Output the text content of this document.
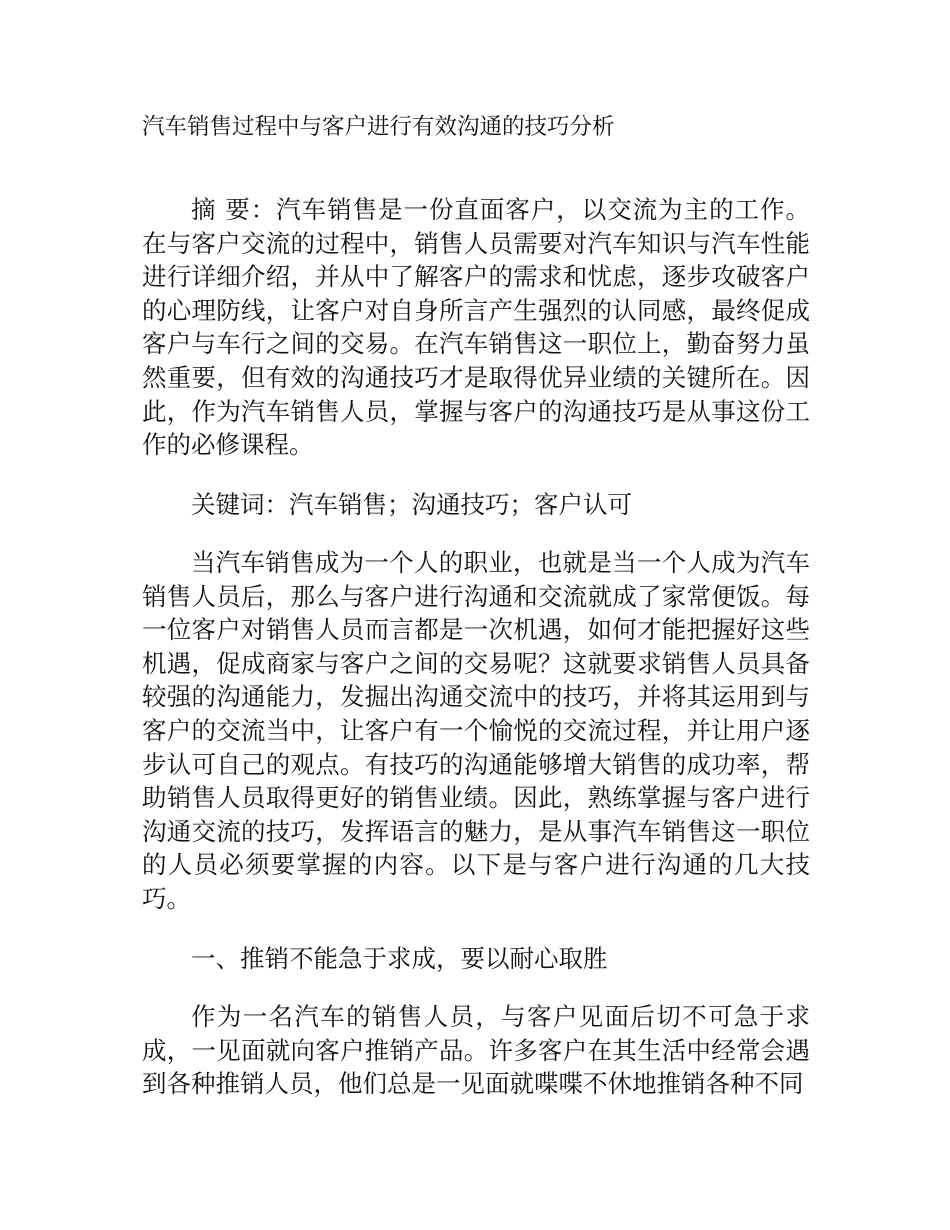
汽车销售过程中与客户进行有效沟通的技巧分析

摘 要：汽车销售是一份直面客户，以交流为主的工作。在与客户交流的过程中，销售人员需要对汽车知识与汽车性能进行详细介绍，并从中了解客户的需求和忧虑，逐步攻破客户的心理防线，让客户对自身所言产生强烈的认同感，最终促成客户与车行之间的交易。在汽车销售这一职位上，勤奋努力虽然重要，但有效的沟通技巧才是取得优异业绩的关键所在。因此，作为汽车销售人员，掌握与客户的沟通技巧是从事这份工作的必修课程。

关键词：汽车销售；沟通技巧；客户认可

当汽车销售成为一个人的职业，也就是当一个人成为汽车销售人员后，那么与客户进行沟通和交流就成了家常便饭。每一位客户对销售人员而言都是一次机遇，如何才能把握好这些机遇，促成商家与客户之间的交易呢？这就要求销售人员具备较强的沟通能力，发掘出沟通交流中的技巧，并将其运用到与客户的交流当中，让客户有一个愉悦的交流过程，并让用户逐步认可自己的观点。有技巧的沟通能够增大销售的成功率，帮助销售人员取得更好的销售业绩。因此，熟练掌握与客户进行沟通交流的技巧，发挥语言的魅力，是从事汽车销售这一职位的人员必须要掌握的内容。以下是与客户进行沟通的几大技巧。

一、推销不能急于求成，要以耐心取胜

作为一名汽车的销售人员，与客户见面后切不可急于求成，一见面就向客户推销产品。许多客户在其生活中经常会遇到各种推销人员，他们总是一见面就喋喋不休地推销各种不同
